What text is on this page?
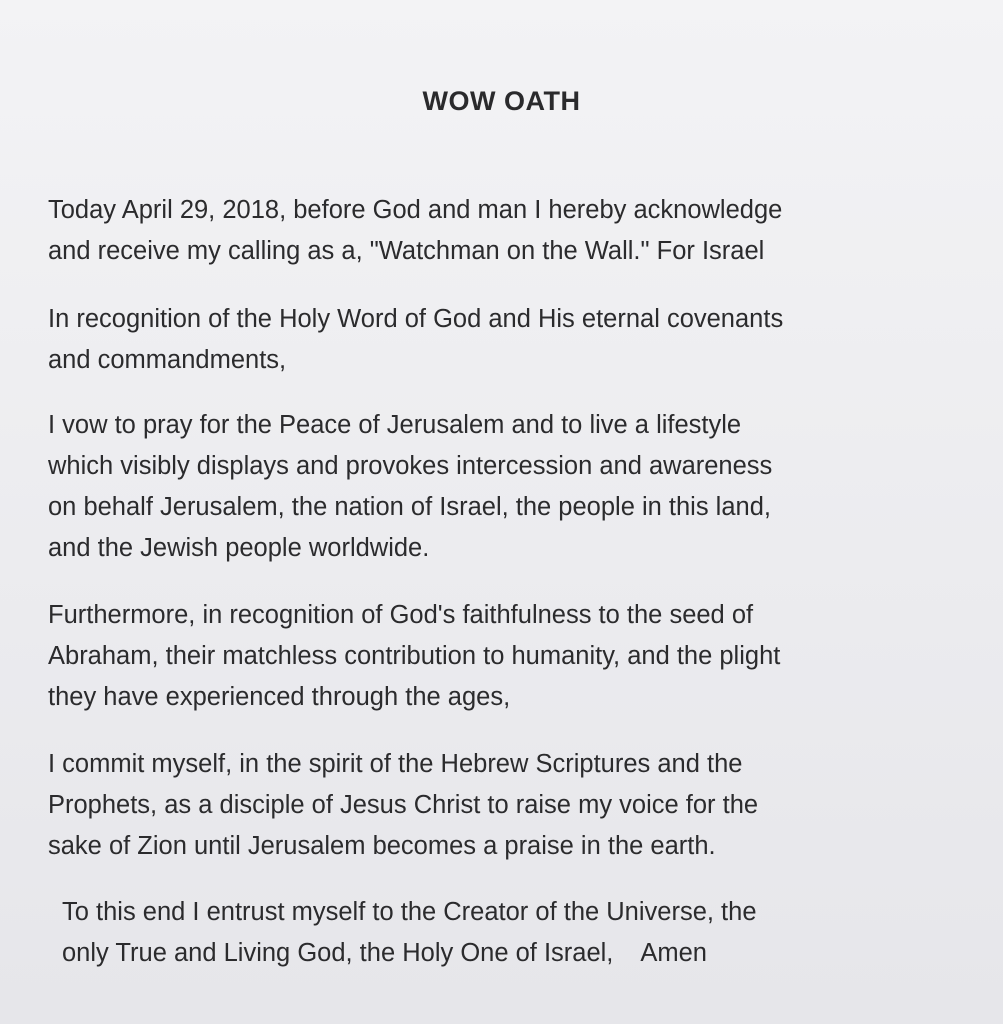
WOW OATH
Today April 29, 2018, before God and man I hereby acknowledge
and receive my calling as a, "Watchman on the Wall." For Israel
In recognition of the Holy Word of God and His eternal covenants
and commandments,
I vow to pray for the Peace of Jerusalem and to live a lifestyle
which visibly displays and provokes intercession and awareness
on behalf Jerusalem, the nation of Israel, the people in this land,
and the Jewish people worldwide.
Furthermore, in recognition of God's faithfulness to the seed of
Abraham, their matchless contribution to humanity, and the plight
they have experienced through the ages,
I commit myself, in the spirit of the Hebrew Scriptures and the
Prophets, as a disciple of Jesus Christ to raise my voice for the
sake of Zion until Jerusalem becomes a praise in the earth.
To this end I entrust myself to the Creator of the Universe, the
only True and Living God, the Holy One of Israel,    Amen
